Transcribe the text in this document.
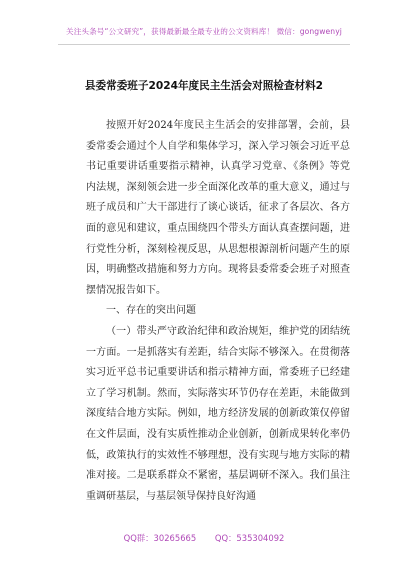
关注头条号“公文研究”，获得最新最全最专业的公文资料库！ 微信：gongwenyj
县委常委班子2024年度民主生活会对照检查材料2

按照开好2024年度民主生活会的安排部署，会前，县委常委会通过个人自学和集体学习，深入学习领会习近平总书记重要讲话重要指示精神，认真学习党章、《条例》等党内法规，深刻领会进一步全面深化改革的重大意义，通过与班子成员和广大干部进行了谈心谈话，征求了各层次、各方面的意见和建议，重点围绕四个带头方面认真查摆问题，进行党性分析，深刻检视反思，从思想根源剖析问题产生的原因，明确整改措施和努力方向。现将县委常委会班子对照查摆情况报告如下。

一、存在的突出问题

（一）带头严守政治纪律和政治规矩，维护党的团结统一方面。一是抓落实有差距，结合实际不够深入。在贯彻落实习近平总书记重要讲话和指示精神方面，常委班子已经建立了学习机制。然而，实际落实环节仍存在差距，未能做到深度结合地方实际。例如，地方经济发展的创新政策仅停留在文件层面，没有实质性推动企业创新，创新成果转化率仍低，政策执行的实效性不够理想，没有实现与地方实际的精准对接。二是联系群众不紧密，基层调研不深入。我们虽注重调研基层，与基层领导保持良好沟通

QQ群：30265665 QQ：535304092
